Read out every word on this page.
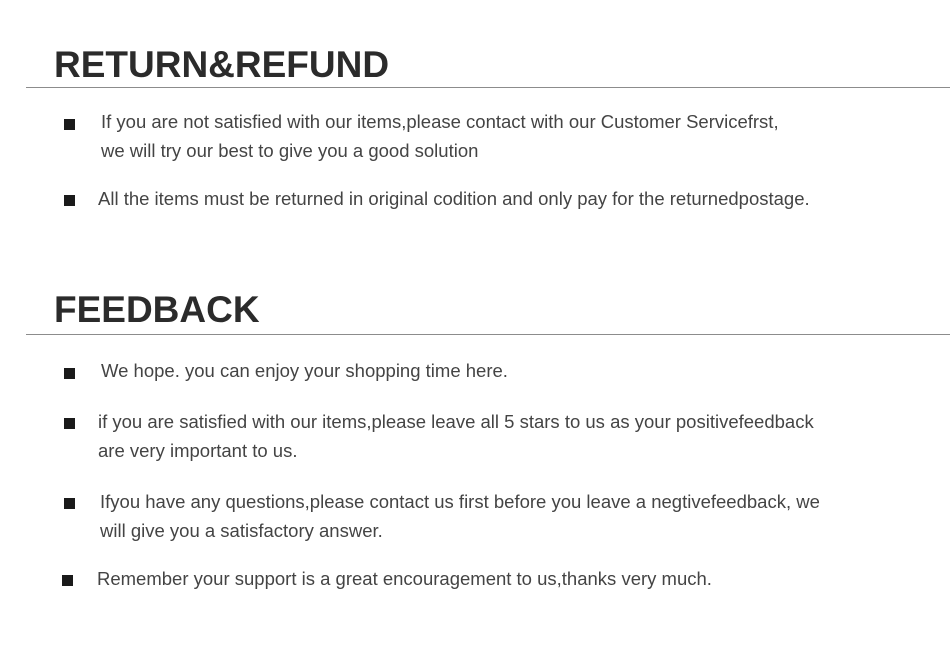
RETURN&REFUND

If you are not satisfied with our items,please contact with our Customer Servicefrst,

we will try our best to give you a good solution

All the items must be returned in original codition and only pay for the returnedpostage.

FEEDBACK

We hope. you can enjoy your shopping time here.

if you are satisfied with our items,please leave all 5 stars to us as your positivefeedback

are very important to us.

Ifyou have any questions,please contact us first before you leave a negtivefeedback, we

will give you a satisfactory answer.

Remember your support is a great encouragement to us,thanks very much.
